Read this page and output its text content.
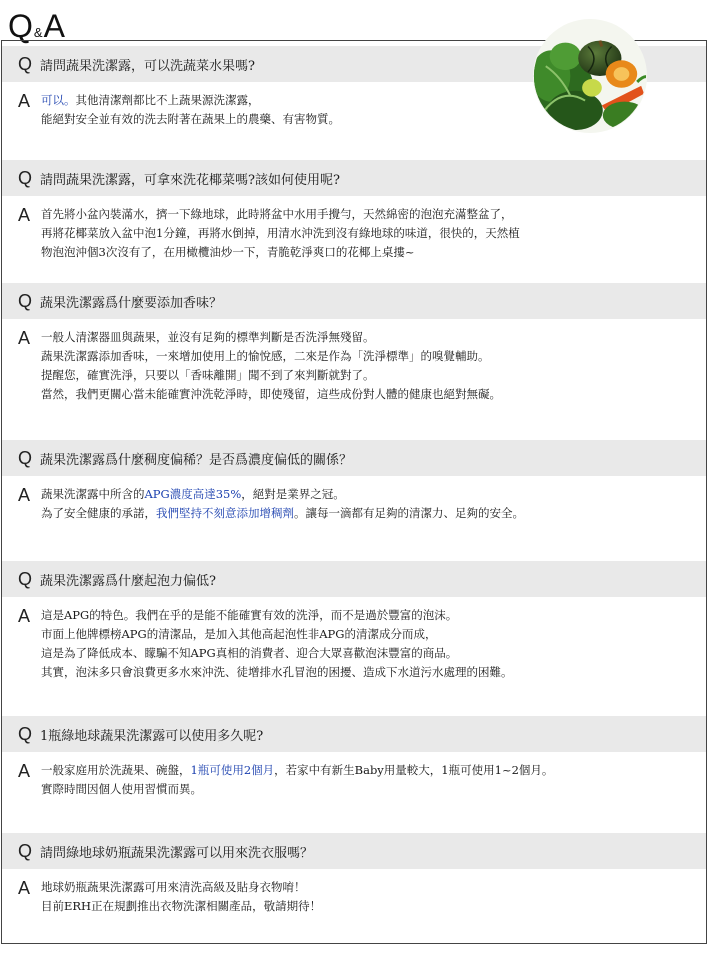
Q & A
Q 請問蔬果洗潔露，可以洗蔬菜水果嗎?
A 可以。其他清潔劑都比不上蔬果源洗潔露，
能絕對安全並有效的洗去附著在蔬果上的農藥、有害物質。
Q 請問蔬果洗潔露，可拿來洗花椰菜嗎?該如何使用呢?
A 首先將小盆內裝滿水，擠一下綠地球，此時將盆中水用手攪勻，天然綿密的泡泡充滿整盆了，
再將花椰菜放入盆中泡1分鐘，再將水倒掉，用清水沖洗到沒有綠地球的味道，很快的，天然植
物泡泡沖個3次沒有了，在用橄欖油炒一下，青脆乾淨爽口的花椰上桌摟~
Q 蔬果洗潔露爲什麼要添加香味？
A 一般人清潔器皿與蔬果，並沒有足夠的標準判斷是否洗淨無殘留。
蔬果洗潔露添加香味，一來增加使用上的愉悅感，二來是作為「洗淨標準」的嗅覺輔助。
提醒您，確實洗淨，只要以「香味離開」聞不到了來判斷就對了。
當然，我們更關心當未能確實沖洗乾淨時，即使殘留，這些成份對人體的健康也絕對無礙。
Q 蔬果洗潔露爲什麼稠度偏稀？是否爲濃度偏低的關係？
A 蔬果洗潔露中所含的APG濃度高達35%，絕對是業界之冠。
為了安全健康的承諾，我們堅持不刻意添加增稠劑。讓每一滴都有足夠的清潔力、足夠的安全。
Q 蔬果洗潔露爲什麼起泡力偏低?
A 這是APG的特色。我們在乎的是能不能確實有效的洗淨，而不是過於豐富的泡沫。
市面上他牌標榜APG的清潔品，是加入其他高起泡性非APG的清潔成分而成，
這是為了降低成本、矇騙不知APG真相的消費者、迎合大眾喜歡泡沫豐富的商品。
其實，泡沫多只會浪費更多水來沖洗、徒增排水孔冒泡的困擾、造成下水道污水處理的困難。
Q 1瓶綠地球蔬果洗潔露可以使用多久呢?
A 一般家庭用於洗蔬果、碗盤，1瓶可使用2個月，若家中有新生Baby用量較大，1瓶可使用1~2個月。
實際時間因個人使用習慣而異。
Q 請問綠地球奶瓶蔬果洗潔露可以用來洗衣服嗎？
A 地球奶瓶蔬果洗潔露可用來清洗高級及貼身衣物唷！
目前ERH正在規劃推出衣物洗潔相關產品，敬請期待！
